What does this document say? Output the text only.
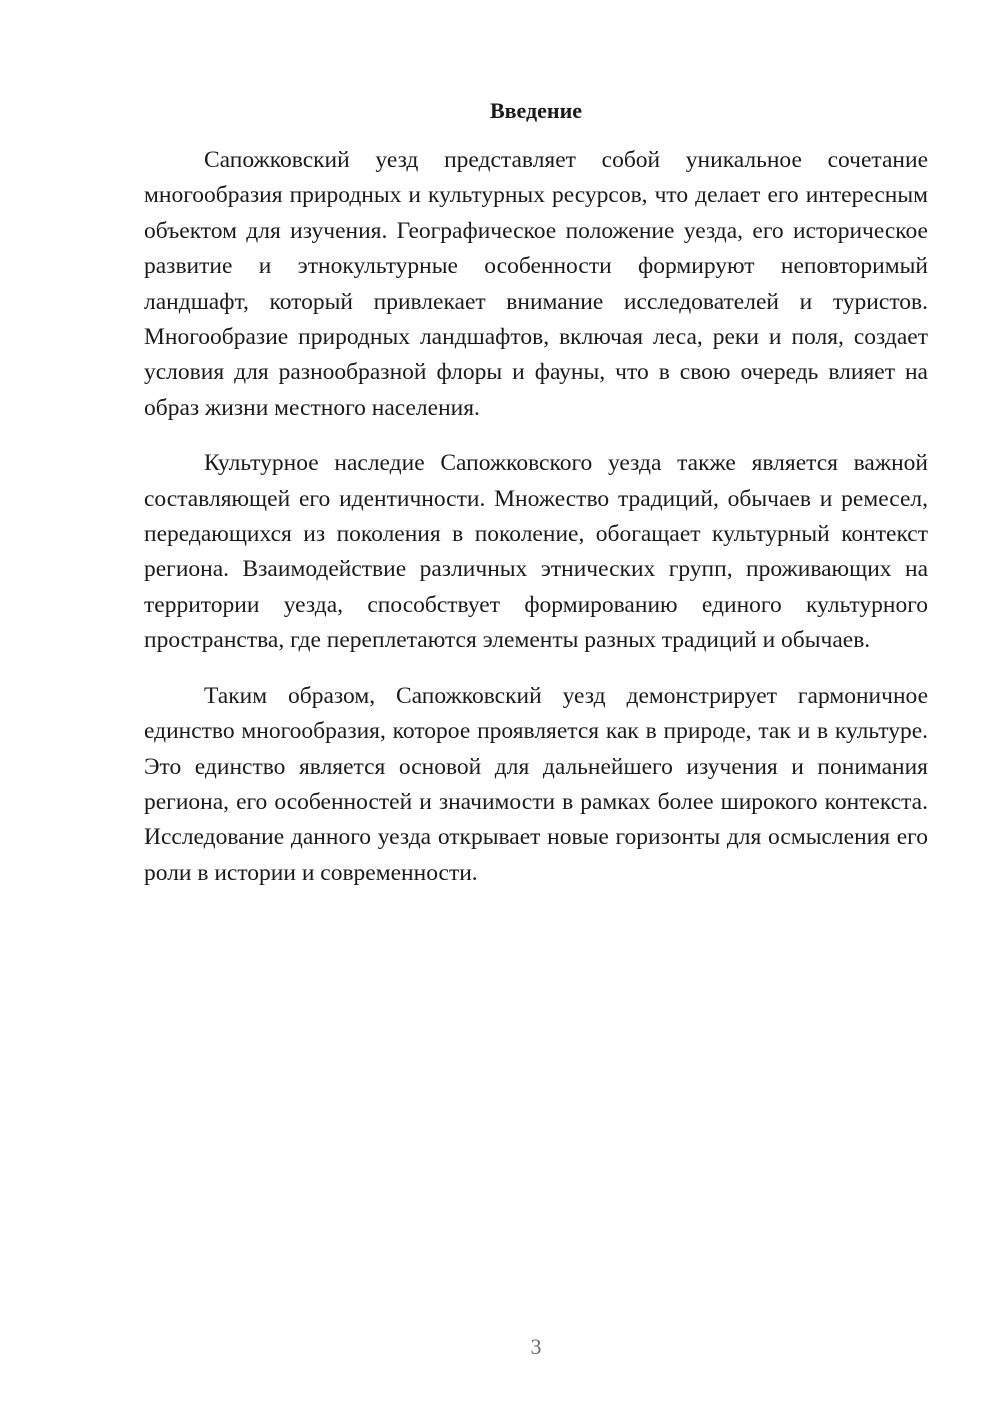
Введение

Сапожковский уезд представляет собой уникальное сочетание многообразия природных и культурных ресурсов, что делает его интересным объектом для изучения. Географическое положение уезда, его историческое развитие и этнокультурные особенности формируют неповторимый ландшафт, который привлекает внимание исследователей и туристов. Многообразие природных ландшафтов, включая леса, реки и поля, создает условия для разнообразной флоры и фауны, что в свою очередь влияет на образ жизни местного населения.

Культурное наследие Сапожковского уезда также является важной составляющей его идентичности. Множество традиций, обычаев и ремесел, передающихся из поколения в поколение, обогащает культурный контекст региона. Взаимодействие различных этнических групп, проживающих на территории уезда, способствует формированию единого культурного пространства, где переплетаются элементы разных традиций и обычаев.

Таким образом, Сапожковский уезд демонстрирует гармоничное единство многообразия, которое проявляется как в природе, так и в культуре. Это единство является основой для дальнейшего изучения и понимания региона, его особенностей и значимости в рамках более широкого контекста. Исследование данного уезда открывает новые горизонты для осмысления его роли в истории и современности.

3
